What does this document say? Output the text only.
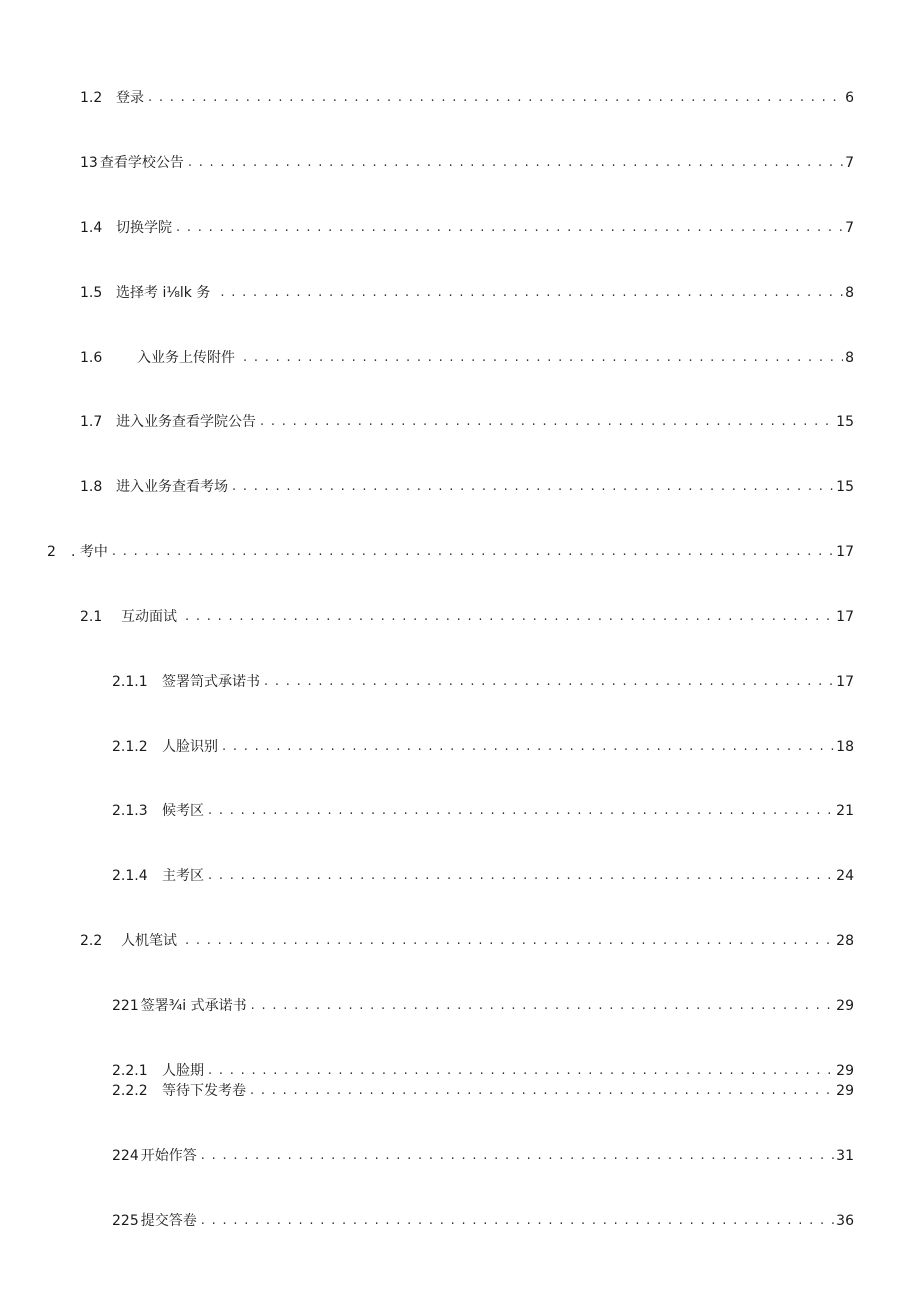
1.2 登录 . . .	6
13 查看学校公告 . . .	7
1.4 切换学院 . . .	7
1.5 选择考 i⅛lk 务 . . .	8
1.6 入业务上传附件 . . .	8
1.7 进入业务查看学院公告 . . .	15
1.8 进入业务查看考场 . . .	15
2 . 考中 . . .	17
2.1 互动面试 . . .	17
2.1.1 签署笥式承诺书 . . .	17
2.1.2 人脸识别 . . .	18
2.1.3 候考区 . . .	21
2.1.4 主考区 . . .	24
2.2 人机笔试 . . .	28
221 签署¾i 式承诺书 . . .	29
2.2.1 人脸期 . . .	29
2.2.2 等待下发考卷 . . .	29
224 开始作答 . . .	31
225 提交答卷 . . .	36
